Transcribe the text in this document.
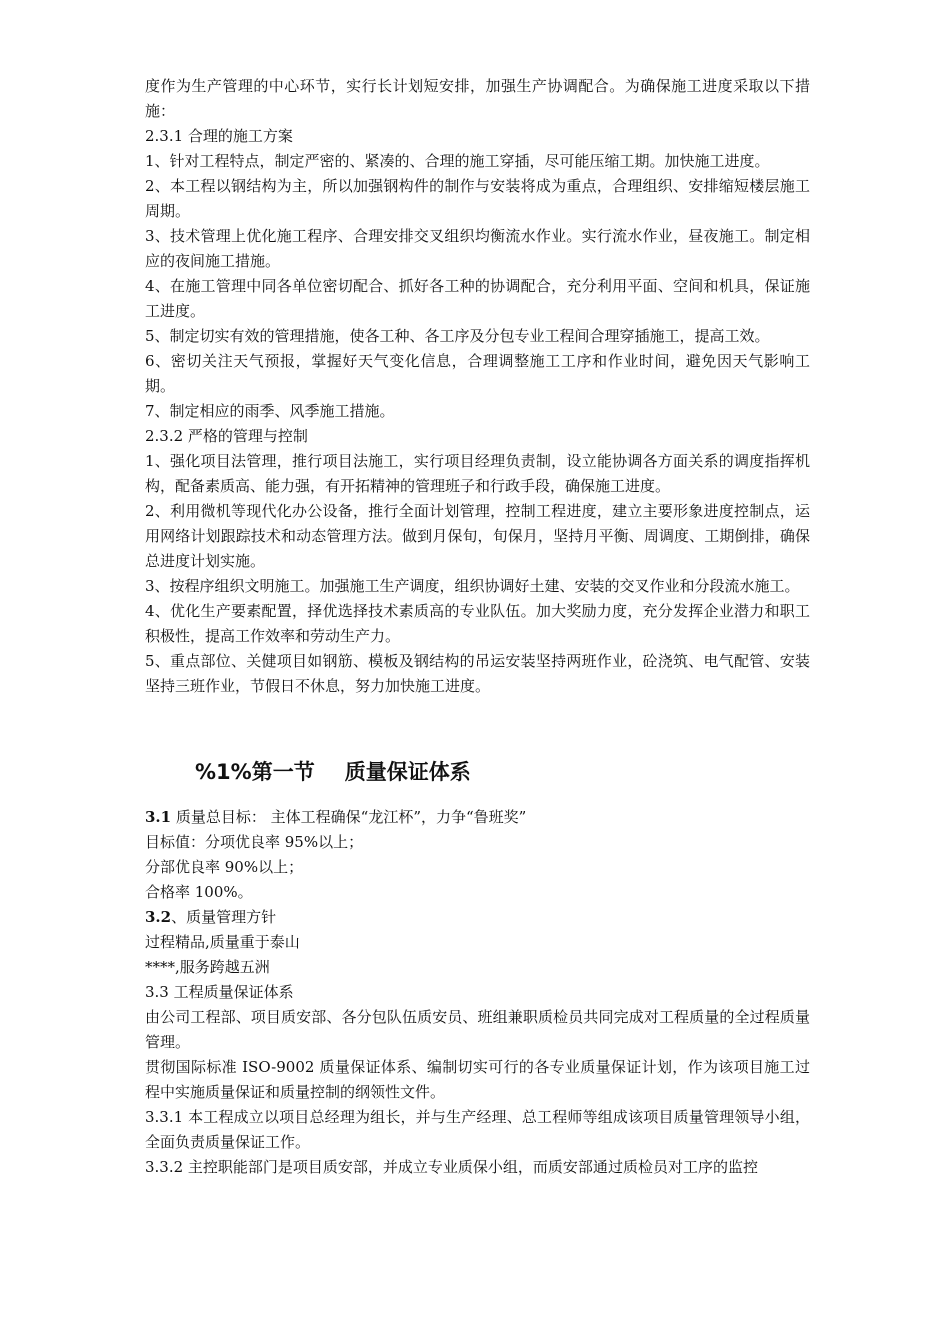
度作为生产管理的中心环节，实行长计划短安排，加强生产协调配合。为确保施工进度采取以下措施：

2.3.1 合理的施工方案

1、针对工程特点，制定严密的、紧凑的、合理的施工穿插，尽可能压缩工期。加快施工进度。

2、本工程以钢结构为主，所以加强钢构件的制作与安装将成为重点，合理组织、安排缩短楼层施工周期。

3、技术管理上优化施工程序、合理安排交叉组织均衡流水作业。实行流水作业，昼夜施工。制定相应的夜间施工措施。

4、在施工管理中同各单位密切配合、抓好各工种的协调配合，充分利用平面、空间和机具，保证施工进度。

5、制定切实有效的管理措施，使各工种、各工序及分包专业工程间合理穿插施工，提高工效。

6、密切关注天气预报，掌握好天气变化信息，合理调整施工工序和作业时间，避免因天气影响工期。

7、制定相应的雨季、风季施工措施。

2.3.2 严格的管理与控制

1、强化项目法管理，推行项目法施工，实行项目经理负责制，设立能协调各方面关系的调度指挥机构，配备素质高、能力强，有开拓精神的管理班子和行政手段，确保施工进度。

2、利用微机等现代化办公设备，推行全面计划管理，控制工程进度，建立主要形象进度控制点，运用网络计划跟踪技术和动态管理方法。做到月保旬，旬保月，坚持月平衡、周调度、工期倒排，确保总进度计划实施。

3、按程序组织文明施工。加强施工生产调度，组织协调好土建、安装的交叉作业和分段流水施工。

4、优化生产要素配置，择优选择技术素质高的专业队伍。加大奖励力度，充分发挥企业潜力和职工积极性，提高工作效率和劳动生产力。

5、重点部位、关健项目如钢筋、模板及钢结构的吊运安装坚持两班作业，砼浇筑、电气配管、安装坚持三班作业，节假日不休息，努力加快施工进度。

%1%第一节 质量保证体系

3.1 质量总目标： 主体工程确保“龙江杯”，力争“鲁班奖”

目标值：分项优良率 95%以上；

分部优良率 90%以上；

合格率 100%。

3.2、质量管理方针

过程精品,质量重于泰山

****,服务跨越五洲

3.3 工程质量保证体系

由公司工程部、项目质安部、各分包队伍质安员、班组兼职质检员共同完成对工程质量的全过程质量管理。

贯彻国际标准 ISO-9002 质量保证体系、编制切实可行的各专业质量保证计划，作为该项目施工过程中实施质量保证和质量控制的纲领性文件。

3.3.1 本工程成立以项目总经理为组长，并与生产经理、总工程师等组成该项目质量管理领导小组，全面负责质量保证工作。

3.3.2 主控职能部门是项目质安部，并成立专业质保小组，而质安部通过质检员对工序的监控
